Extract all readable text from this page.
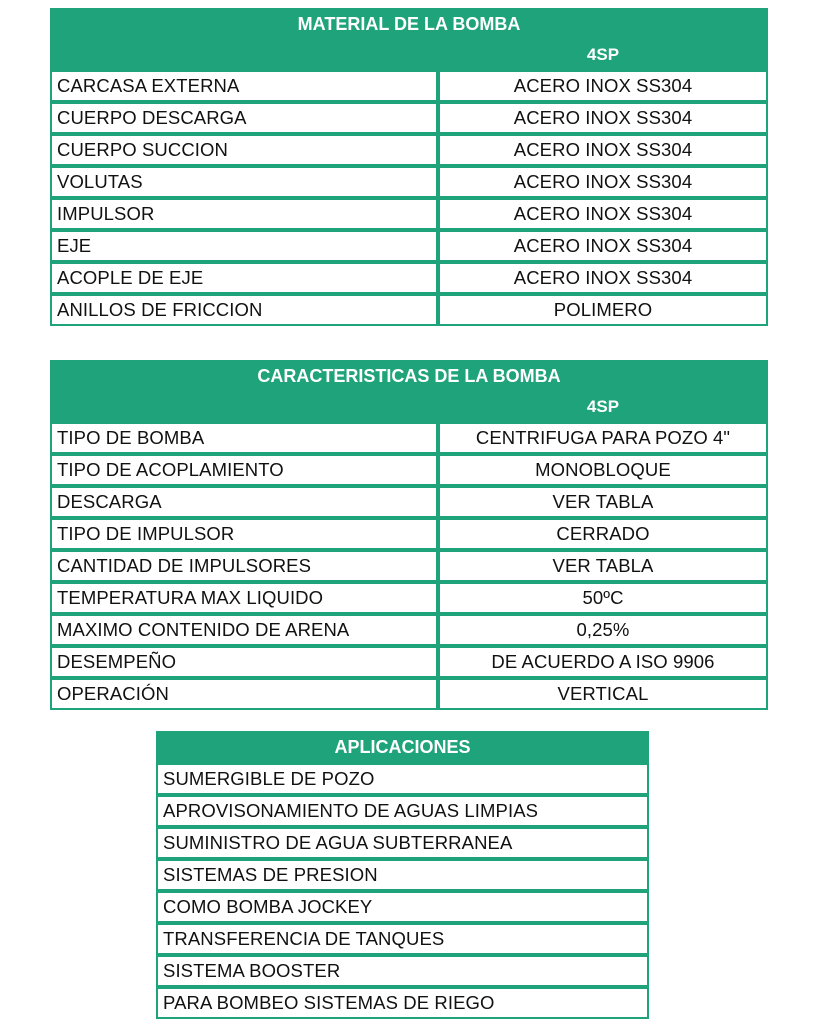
MATERIAL DE LA BOMBA	
	4SP
CARCASA EXTERNA	ACERO INOX SS304
CUERPO DESCARGA	ACERO INOX SS304
CUERPO SUCCION	ACERO INOX SS304
VOLUTAS	ACERO INOX SS304
IMPULSOR	ACERO INOX SS304
EJE	ACERO INOX SS304
ACOPLE DE EJE	ACERO INOX SS304
ANILLOS DE FRICCION	POLIMERO
CARACTERISTICAS DE LA BOMBA	
	4SP
TIPO DE BOMBA	CENTRIFUGA PARA POZO 4"
TIPO DE ACOPLAMIENTO	MONOBLOQUE
DESCARGA	VER TABLA
TIPO DE IMPULSOR	CERRADO
CANTIDAD DE IMPULSORES	VER TABLA
TEMPERATURA MAX LIQUIDO	50ºC
MAXIMO CONTENIDO DE ARENA	0,25%
DESEMPEÑO	DE ACUERDO A ISO 9906
OPERACIÓN	VERTICAL
APLICACIONES
SUMERGIBLE DE POZO
APROVISONAMIENTO DE AGUAS LIMPIAS
SUMINISTRO DE AGUA SUBTERRANEA
SISTEMAS DE PRESION
COMO BOMBA JOCKEY
TRANSFERENCIA DE TANQUES
SISTEMA BOOSTER
PARA BOMBEO SISTEMAS DE RIEGO
